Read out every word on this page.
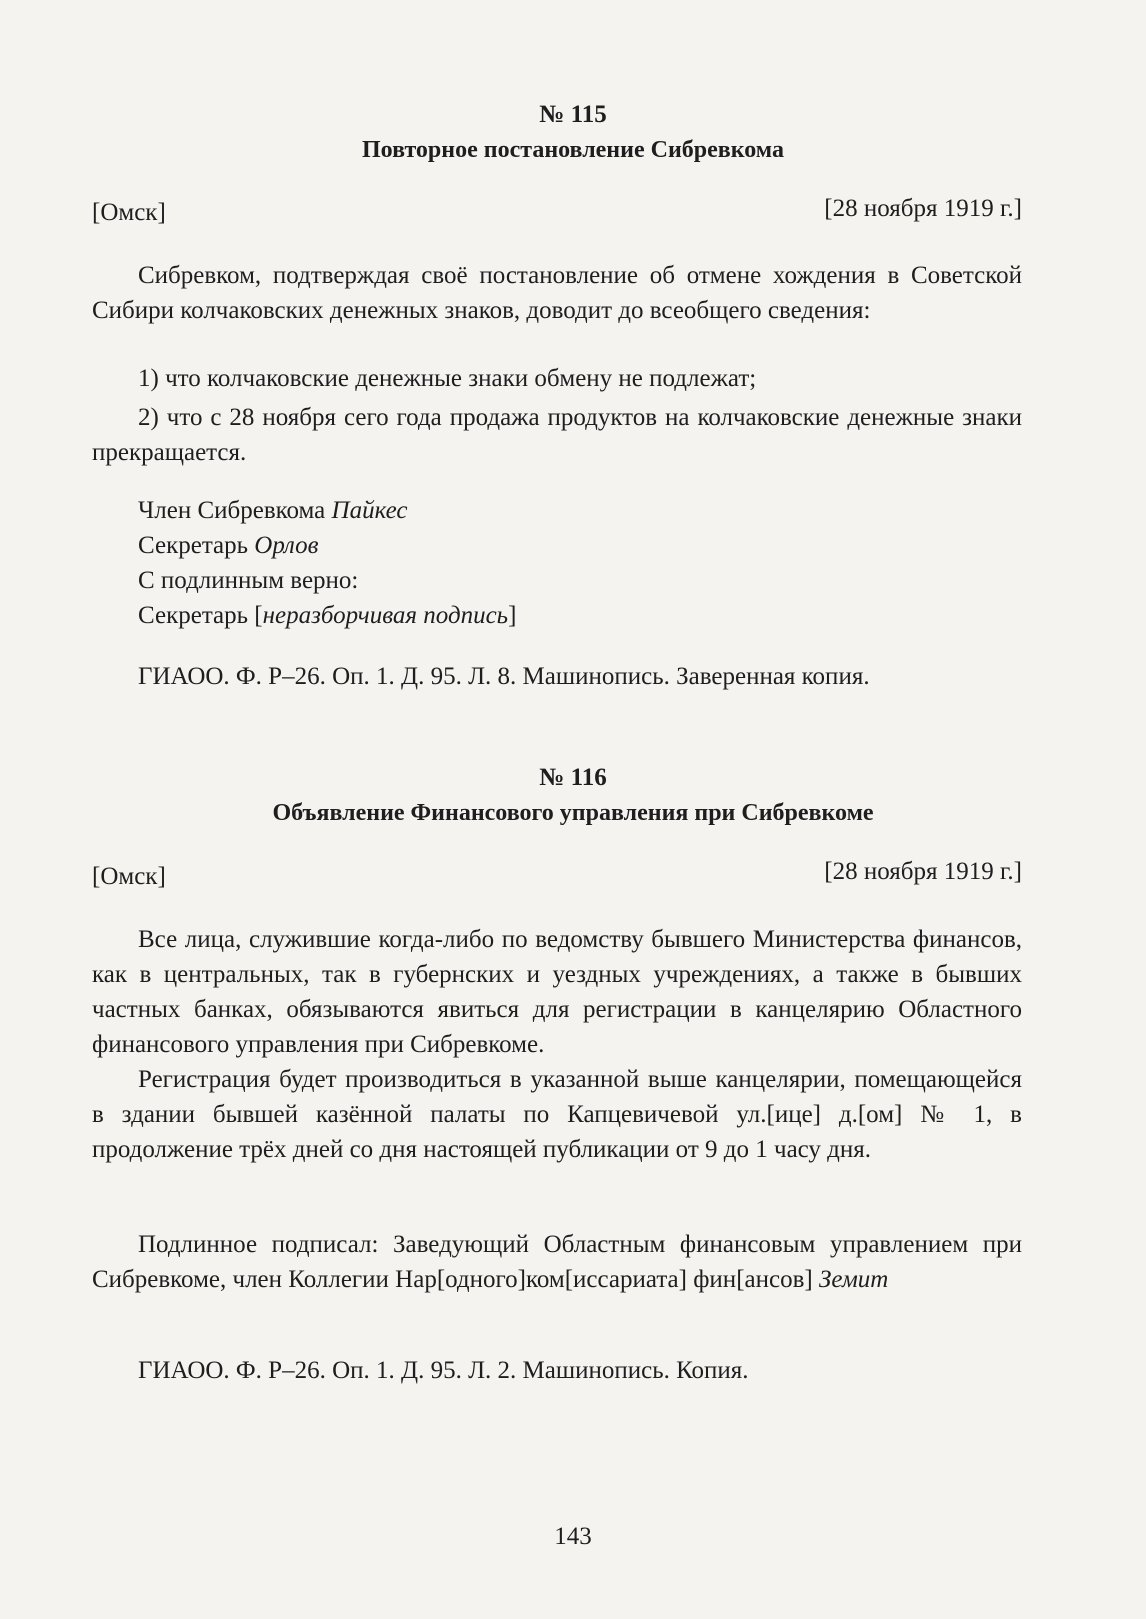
№ 115
Повторное постановление Сибревкома
[Омск]	[28 ноября 1919 г.]
Сибревком, подтверждая своё постановление об отмене хождения в Советской Сибири колчаковских денежных знаков, доводит до всеобщего сведения:
1) что колчаковские денежные знаки обмену не подлежат;
2) что с 28 ноября сего года продажа продуктов на колчаковские денежные знаки прекращается.
Член Сибревкома Пайкес
Секретарь Орлов
С подлинным верно:
Секретарь [неразборчивая подпись]
ГИАОО. Ф. Р–26. Оп. 1. Д. 95. Л. 8. Машинопись. Заверенная копия.
№ 116
Объявление Финансового управления при Сибревкоме
[Омск]	[28 ноября 1919 г.]
Все лица, служившие когда-либо по ведомству бывшего Министерства финансов, как в центральных, так в губернских и уездных учреждениях, а также в бывших частных банках, обязываются явиться для регистрации в канцелярию Областного финансового управления при Сибревкоме.
Регистрация будет производиться в указанной выше канцелярии, помещающейся в здании бывшей казённой палаты по Капцевичевой ул.[ице] д.[ом] № 1, в продолжение трёх дней со дня настоящей публикации от 9 до 1 часу дня.
Подлинное подписал: Заведующий Областным финансовым управлением при Сибревкоме, член Коллегии Нар[одного]ком[иссариата] фин[ансов] Земит
ГИАОО. Ф. Р–26. Оп. 1. Д. 95. Л. 2. Машинопись. Копия.
143
